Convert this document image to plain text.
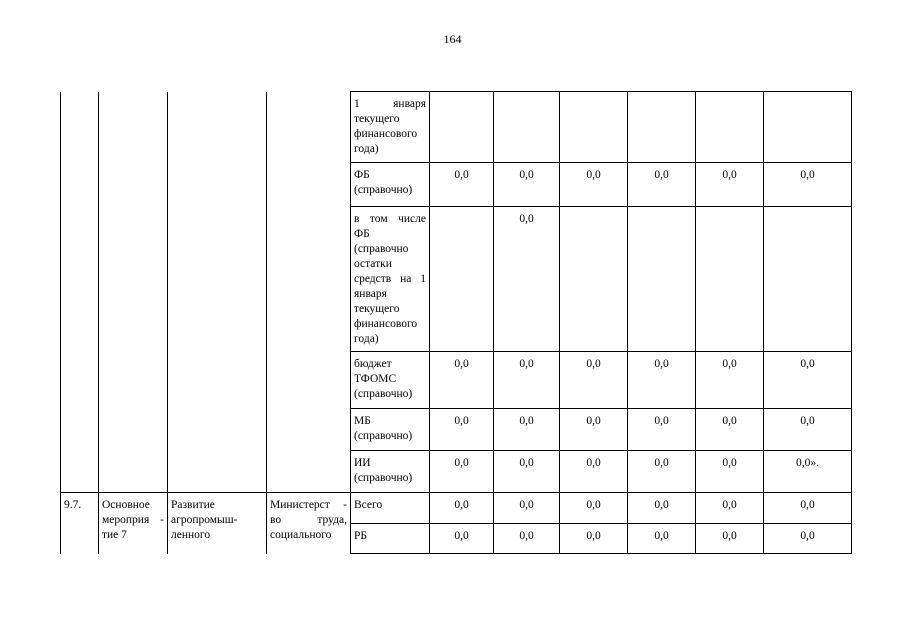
164
				1 января текущего финансового года)						
				ФБ (справочно)	0,0	0,0	0,0	0,0	0,0	0,0
				в том числе ФБ (справочно остатки средств на 1 января текущего финансового года)		0,0				
				бюджет ТФОМС (справочно)	0,0	0,0	0,0	0,0	0,0	0,0
				МБ (справочно)	0,0	0,0	0,0	0,0	0,0	0,0
				ИИ (справочно)	0,0	0,0	0,0	0,0	0,0	0,0».
9.7.	Основное мероприя - тие 7	Развитие агропромыш- ленного	Министерст - во труда, социального	Всего	0,0	0,0	0,0	0,0	0,0	0,0
				РБ	0,0	0,0	0,0	0,0	0,0	0,0
